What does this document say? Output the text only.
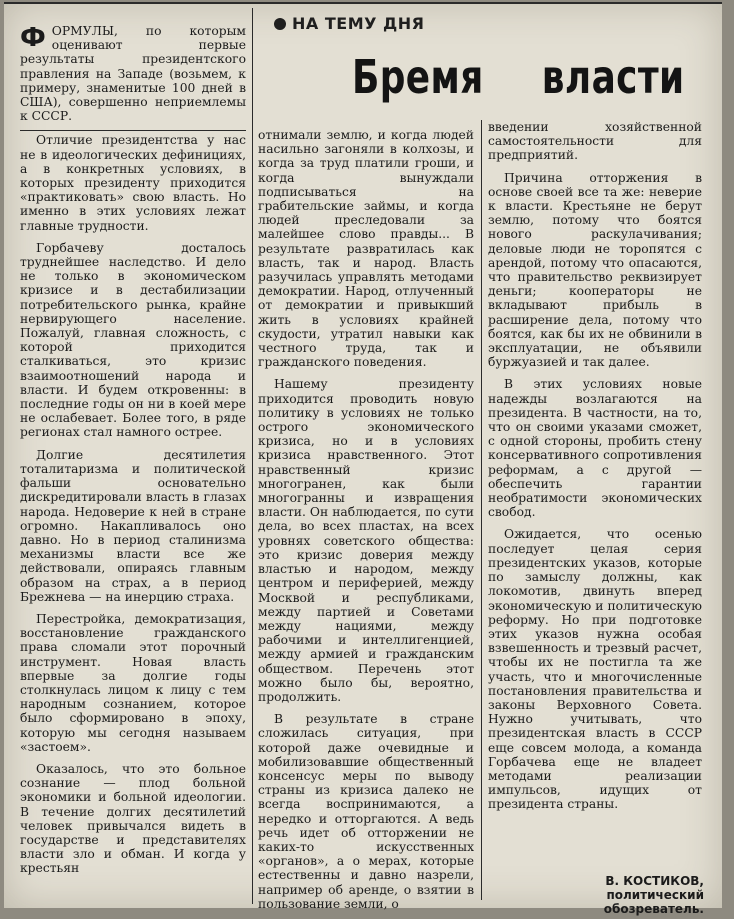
НА ТЕМУ ДНЯ
Бремя власти

ФОРМУЛЫ, по которым оценивают первые результаты президентского правления на Западе (возьмем, к примеру, знаменитые 100 дней в США), совершенно неприемлемы к СССР.

Отличие президентства у нас не в идеологических дефинициях, а в конкретных условиях, в которых президенту приходится «практиковать» свою власть. Но именно в этих условиях лежат главные трудности.

Горбачеву досталось труднейшее наследство. И дело не только в экономическом кризисе и в дестабилизации потребительского рынка, крайне нервирующего население. Пожалуй, главная сложность, с которой приходится сталкиваться, это кризис взаимоотношений народа и власти. И будем откровенны: в последние годы он ни в коей мере не ослабевает. Более того, в ряде регионах стал намного острее.

Долгие десятилетия тоталитаризма и политической фальши основательно дискредитировали власть в глазах народа. Недоверие к ней в стране огромно. Накапливалось оно давно. Но в период сталинизма механизмы власти все же действовали, опираясь главным образом на страх, а в период Брежнева — на инерцию страха.

Перестройка, демократизация, восстановление гражданского права сломали этот порочный инструмент. Новая власть впервые за долгие годы столкнулась лицом к лицу с тем народным сознанием, которое было сформировано в эпоху, которую мы сегодня называем «застоем».

Оказалось, что это больное сознание — плод больной экономики и больной идеологии. В течение долгих десятилетий человек привычался видеть в государстве и представителях власти зло и обман. И когда у крестьян

отнимали землю, и когда людей насильно загоняли в колхозы, и когда за труд платили гроши, и когда вынуждали подписываться на грабительские займы, и когда людей преследовали за малейшее слово правды... В результате развратилась как власть, так и народ. Власть разучилась управлять методами демократии. Народ, отлученный от демократии и привыкший жить в условиях крайней скудости, утратил навыки как честного труда, так и гражданского поведения.

Нашему президенту приходится проводить новую политику в условиях не только острого экономического кризиса, но и в условиях кризиса нравственного. Этот нравственный кризис многогранен, как были многогранны и извращения власти. Он наблюдается, по сути дела, во всех пластах, на всех уровнях советского общества: это кризис доверия между властью и народом, между центром и периферией, между Москвой и республиками, между партией и Советами между нациями, между рабочими и интеллигенцией, между армией и гражданским обществом. Перечень этот можно было бы, вероятно, продолжить.

В результате в стране сложилась ситуация, при которой даже очевидные и мобилизовавшие общественный консенсус меры по выводу страны из кризиса далеко не всегда воспринимаются, а нередко и отторгаются. А ведь речь идет об отторжении не каких-то искусственных «органов», а о мерах, которые естественны и давно назрели, например об аренде, о взятии в пользование земли, о

введении хозяйственной самостоятельности для предприятий.

Причина отторжения в основе своей все та же: неверие к власти. Крестьяне не берут землю, потому что боятся нового раскулачивания; деловые люди не торопятся с арендой, потому что опасаются, что правительство реквизирует деньги; кооператоры не вкладывают прибыль в расширение дела, потому что боятся, как бы их не обвинили в эксплуатации, не объявили буржуазией и так далее.

В этих условиях новые надежды возлагаются на президента. В частности, на то, что он своими указами сможет, с одной стороны, пробить стену консервативного сопротивления реформам, а с другой — обеспечить гарантии необратимости экономических свобод.

Ожидается, что осенью последует целая серия президентских указов, которые по замыслу должны, как локомотив, двинуть вперед экономическую и политическую реформу. Но при подготовке этих указов нужна особая взвешенность и трезвый расчет, чтобы их не постигла та же участь, что и многочисленные постановления правительства и законы Верховного Совета. Нужно учитывать, что президентская власть в СССР еще совсем молода, а команда Горбачева еще не владеет методами реализации импульсов, идущих от президента страны.

В. КОСТИКОВ,
политический обозреватель.
